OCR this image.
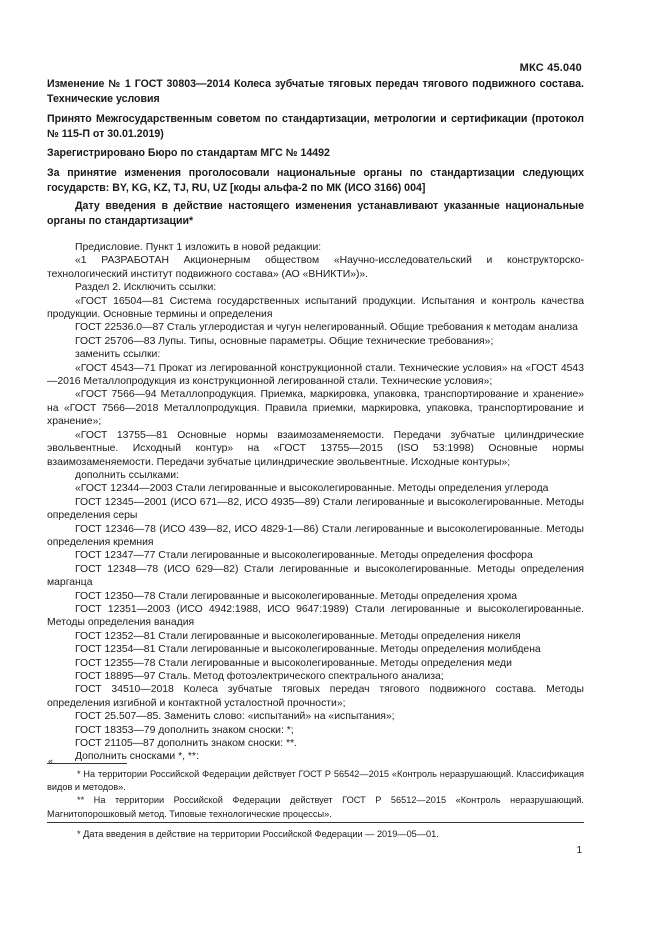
МКС 45.040
Изменение № 1 ГОСТ 30803—2014 Колеса зубчатые тяговых передач тягового подвижного состава. Технические условия
Принято Межгосударственным советом по стандартизации, метрологии и сертификации (протокол № 115-П от 30.01.2019)
Зарегистрировано Бюро по стандартам МГС № 14492
За принятие изменения проголосовали национальные органы по стандартизации следующих государств: BY, KG, KZ, TJ, RU, UZ [коды альфа-2 по МК (ИСО 3166) 004]
Дату введения в действие настоящего изменения устанавливают указанные национальные органы по стандартизации*

Предисловие. Пункт 1 изложить в новой редакции:

«1 РАЗРАБОТАН Акционерным обществом «Научно-исследовательский и конструкторско-технологический институт подвижного состава» (АО «ВНИКТИ»)».

Раздел 2. Исключить ссылки:

«ГОСТ 16504—81 Система государственных испытаний продукции. Испытания и контроль качества продукции. Основные термины и определения

ГОСТ 22536.0—87 Сталь углеродистая и чугун нелегированный. Общие требования к методам анализа

ГОСТ 25706—83 Лупы. Типы, основные параметры. Общие технические требования»;

заменить ссылки:

«ГОСТ 4543—71 Прокат из легированной конструкционной стали. Технические условия» на «ГОСТ 4543—2016 Металлопродукция из конструкционной легированной стали. Технические условия»;

«ГОСТ 7566—94 Металлопродукция. Приемка, маркировка, упаковка, транспортирование и хранение» на «ГОСТ 7566—2018 Металлопродукция. Правила приемки, маркировка, упаковка, транспортирование и хранение»;

«ГОСТ 13755—81 Основные нормы взаимозаменяемости. Передачи зубчатые цилиндрические эвольвентные. Исходный контур» на «ГОСТ 13755—2015 (ISO 53:1998) Основные нормы взаимозаменяемости. Передачи зубчатые цилиндрические эвольвентные. Исходные контуры»;

дополнить ссылками:

«ГОСТ 12344—2003 Стали легированные и высоколегированные. Методы определения углерода

ГОСТ 12345—2001 (ИСО 671—82, ИСО 4935—89) Стали легированные и высоколегированные. Методы определения серы

ГОСТ 12346—78 (ИСО 439—82, ИСО 4829-1—86) Стали легированные и высоколегированные. Методы определения кремния

ГОСТ 12347—77 Стали легированные и высоколегированные. Методы определения фосфора

ГОСТ 12348—78 (ИСО 629—82) Стали легированные и высоколегированные. Методы определения марганца

ГОСТ 12350—78 Стали легированные и высоколегированные. Методы определения хрома

ГОСТ 12351—2003 (ИСО 4942:1988, ИСО 9647:1989) Стали легированные и высоколегированные. Методы определения ванадия

ГОСТ 12352—81 Стали легированные и высоколегированные. Методы определения никеля

ГОСТ 12354—81 Стали легированные и высоколегированные. Методы определения молибдена

ГОСТ 12355—78 Стали легированные и высоколегированные. Методы определения меди

ГОСТ 18895—97 Сталь. Метод фотоэлектрического спектрального анализа;

ГОСТ 34510—2018 Колеса зубчатые тяговых передач тягового подвижного состава. Методы определения изгибной и контактной усталостной прочности»;

ГОСТ 25.507—85. Заменить слово: «испытаний» на «испытания»;

ГОСТ 18353—79 дополнить знаком сноски: *;

ГОСТ 21105—87 дополнить знаком сноски: **.

Дополнить сносками *, **:

«

* На территории Российской Федерации действует ГОСТ Р 56542—2015 «Контроль неразрушающий. Классификация видов и методов».

** На территории Российской Федерации действует ГОСТ Р 56512—2015 «Контроль неразрушающий. Магнитопорошковый метод. Типовые технологические процессы».

* Дата введения в действие на территории Российской Федерации — 2019—05—01.

1
